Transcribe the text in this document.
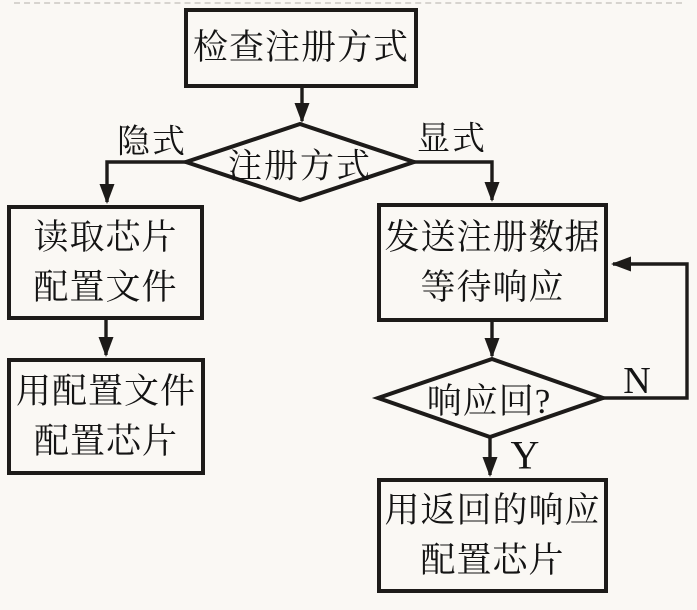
检查注册方式
读取芯片
配置文件
用配置文件
配置芯片
发送注册数据
等待响应
用返回的响应
配置芯片
注册方式
响应回?
隐式	显式
N
Y
